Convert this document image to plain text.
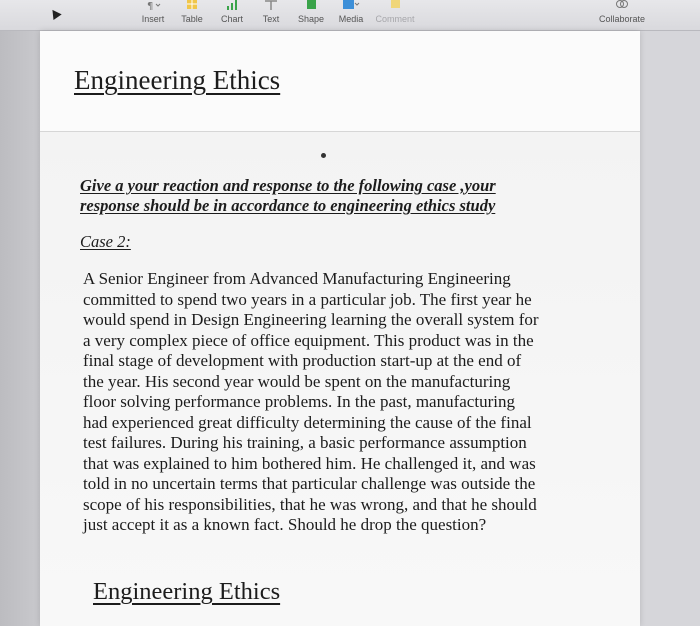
¶
Insert Table Chart Text Shape Media Comment	Collaborate
Engineering Ethics
Give a your reaction and response to the following case ,your response should be in accordance to engineering ethics study
Case 2:
A Senior Engineer from Advanced Manufacturing Engineering
committed to spend two years in a particular job. The first year he
would spend in Design Engineering learning the overall system for
a very complex piece of office equipment. This product was in the
final stage of development with production start-up at the end of
the year. His second year would be spent on the manufacturing
floor solving performance problems. In the past, manufacturing
had experienced great difficulty determining the cause of the final
test failures. During his training, a basic performance assumption
that was explained to him bothered him. He challenged it, and was
told in no uncertain terms that particular challenge was outside the
scope of his responsibilities, that he was wrong, and that he should
just accept it as a known fact. Should he drop the question?
Engineering Ethics
